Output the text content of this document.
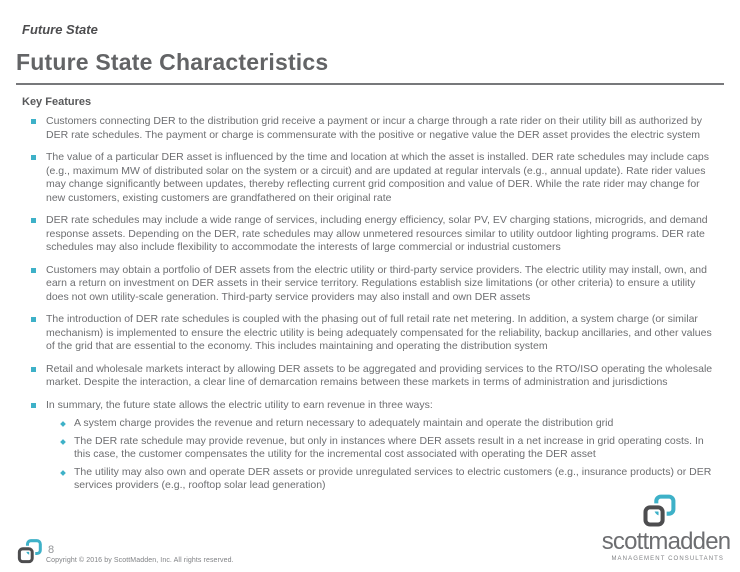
Future State
Future State Characteristics
Key Features
Customers connecting DER to the distribution grid receive a payment or incur a charge through a rate rider on their utility bill as authorized by DER rate schedules. The payment or charge is commensurate with the positive or negative value the DER asset provides the electric system
The value of a particular DER asset is influenced by the time and location at which the asset is installed. DER rate schedules may include caps (e.g., maximum MW of distributed solar on the system or a circuit) and are updated at regular intervals (e.g., annual update). Rate rider values may change significantly between updates, thereby reflecting current grid composition and value of DER. While the rate rider may change for new customers, existing customers are grandfathered on their original rate
DER rate schedules may include a wide range of services, including energy efficiency, solar PV, EV charging stations, microgrids, and demand response assets. Depending on the DER, rate schedules may allow unmetered resources similar to utility outdoor lighting programs. DER rate schedules may also include flexibility to accommodate the interests of large commercial or industrial customers
Customers may obtain a portfolio of DER assets from the electric utility or third-party service providers. The electric utility may install, own, and earn a return on investment on DER assets in their service territory. Regulations establish size limitations (or other criteria) to ensure a utility does not own utility-scale generation. Third-party service providers may also install and own DER assets
The introduction of DER rate schedules is coupled with the phasing out of full retail rate net metering. In addition, a system charge (or similar mechanism) is implemented to ensure the electric utility is being adequately compensated for the reliability, backup ancillaries, and other values of the grid that are essential to the economy. This includes maintaining and operating the distribution system
Retail and wholesale markets interact by allowing DER assets to be aggregated and providing services to the RTO/ISO operating the wholesale market. Despite the interaction, a clear line of demarcation remains between these markets in terms of administration and jurisdictions
In summary, the future state allows the electric utility to earn revenue in three ways:
A system charge provides the revenue and return necessary to adequately maintain and operate the distribution grid
The DER rate schedule may provide revenue, but only in instances where DER assets result in a net increase in grid operating costs. In this case, the customer compensates the utility for the incremental cost associated with operating the DER asset
The utility may also own and operate DER assets or provide unregulated services to electric customers (e.g., insurance products) or DER services providers (e.g., rooftop solar lead generation)
8
Copyright © 2016 by ScottMadden, Inc. All rights reserved.
scottmadden
MANAGEMENT CONSULTANTS
